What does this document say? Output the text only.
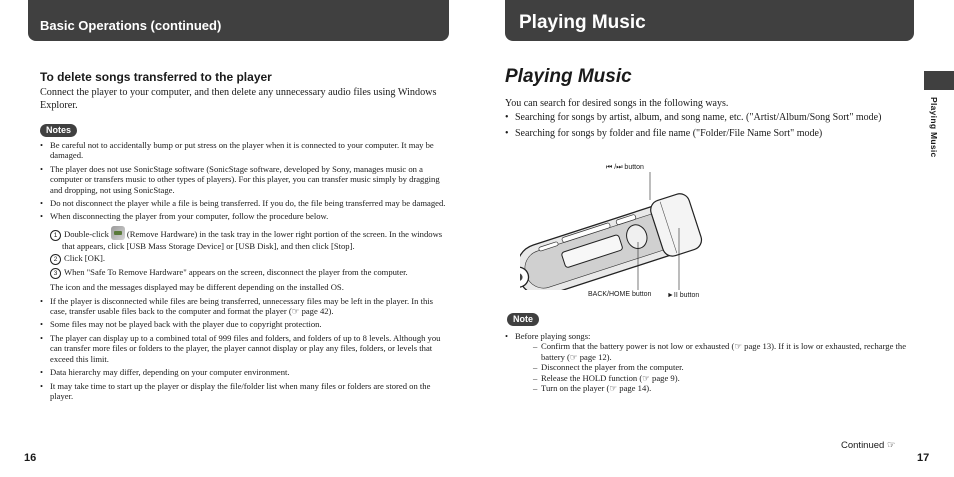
Basic Operations (continued)
To delete songs transferred to the player
Connect the player to your computer, and then delete any unnecessary audio files using Windows Explorer.
Notes
• Be careful not to accidentally bump or put stress on the player when it is connected to your computer. It may be damaged.
• The player does not use SonicStage software (SonicStage software, developed by Sony, manages music on a computer or transfers music to other types of players). For this player, you can transfer music simply by dragging and dropping, not using SonicStage.
• Do not disconnect the player while a file is being transferred. If you do, the file being transferred may be damaged.
• When disconnecting the player from your computer, follow the procedure below.
1 Double-click (Remove Hardware) in the task tray in the lower right portion of the screen. In the windows that appears, click [USB Mass Storage Device] or [USB Disk], and then click [Stop].
2 Click [OK].
3 When "Safe To Remove Hardware" appears on the screen, disconnect the player from the computer.
The icon and the messages displayed may be different depending on the installed OS.
• If the player is disconnected while files are being transferred, unnecessary files may be left in the player. In this case, transfer usable files back to the computer and format the player (☞ page 42).
• Some files may not be played back with the player due to copyright protection.
• The player can display up to a combined total of 999 files and folders, and folders of up to 8 levels. Although you can transfer more files or folders to the player, the player cannot display or play any files, folders, or levels that exceed this limit.
• Data hierarchy may differ, depending on your computer environment.
• It may take time to start up the player or display the file/folder list when many files or folders are stored on the player.
16
Playing Music
Playing Music
You can search for desired songs in the following ways.
• Searching for songs by artist, album, and song name, etc. ("Artist/Album/Song Sort" mode)
• Searching for songs by folder and file name ("Folder/File Name Sort" mode)	Playing Music
Note
• Before playing songs:
– Confirm that the battery power is not low or exhausted (☞ page 13). If it is low or exhausted, recharge the battery (☞ page 12).
– Disconnect the player from the computer.
– Release the HOLD function (☞ page 9).
– Turn on the player (☞ page 14).
Continued ☞
17
⏮ /⏭ button
BACK/HOME button ►II button
